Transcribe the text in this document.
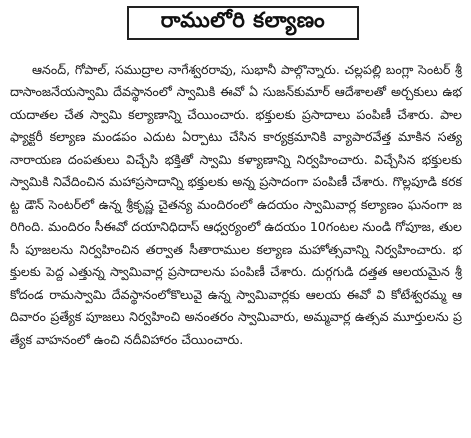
రాములోరి కల్యాణం

ఆనంద్, గోపాల్, సముద్రాల నాగేశ్వరరావు, సుభానీ పాల్గొన్నారు. చల్లపల్లి బంగ్లా సెంటర్ శ్రీ దాసాంజనేయస్వామి దేవస్థానంలో స్వామికి ఈవో ఏ సుజన్‌కుమార్ ఆదేశాలతో అర్చకులు ఉభయదాతల చేత స్వామి కల్యాణాన్ని చేయించారు. భక్తులకు ప్రసాదాలు పంపిణీ చేశారు. పాల ఫ్యాక్టరీ కల్యాణ మండపం ఎదుట ఏర్పాటు చేసిన కార్యక్రమానికి వ్యాపారవేత్త మాకిన సత్యనారాయణ దంపతులు విచ్చేసి భక్తితో స్వామి కళ్యాణాన్ని నిర్వహించారు. విచ్చేసిన భక్తులకు స్వామికి నివేదించిన మహాప్రసాదాన్ని భక్తులకు అన్న ప్రసాదంగా పంపిణీ చేశారు. గొల్లపూడి కరకట్ట డౌన్ సెంటర్‌లో ఉన్న శ్రీకృష్ణ చైతన్య మందిరంలో ఉదయం స్వామివార్ల కల్యాణం ఘనంగా జరిగింది. మందిరం సీఈవో దయానిధిదాస్ ఆధ్వర్యంలో ఉదయం 10గంటల నుండి గోపూజ, తులసీ పూజలను నిర్వహించిన తర్వాత సీతారాముల కల్యాణ మహోత్సవాన్ని నిర్వహించారు. భక్తులకు పెద్ద ఎత్తున్న స్వామివార్ల ప్రసాదాలను పంపిణీ చేశారు. దుర్గగుడి దత్తత ఆలయమైన శ్రీ కోదండ రామస్వామి దేవస్థానంలోకొలువై ఉన్న స్వామివార్లకు ఆలయ ఈవో వి కోటేశ్వరమ్మ ఆదివారం ప్రత్యేక పూజలు నిర్వహించి అనంతరం స్వామివారు, అమ్మవార్ల ఉత్సవ మూర్తులను ప్రత్యేక వాహనంలో ఉంచి నదీవిహారం చేయించారు.
